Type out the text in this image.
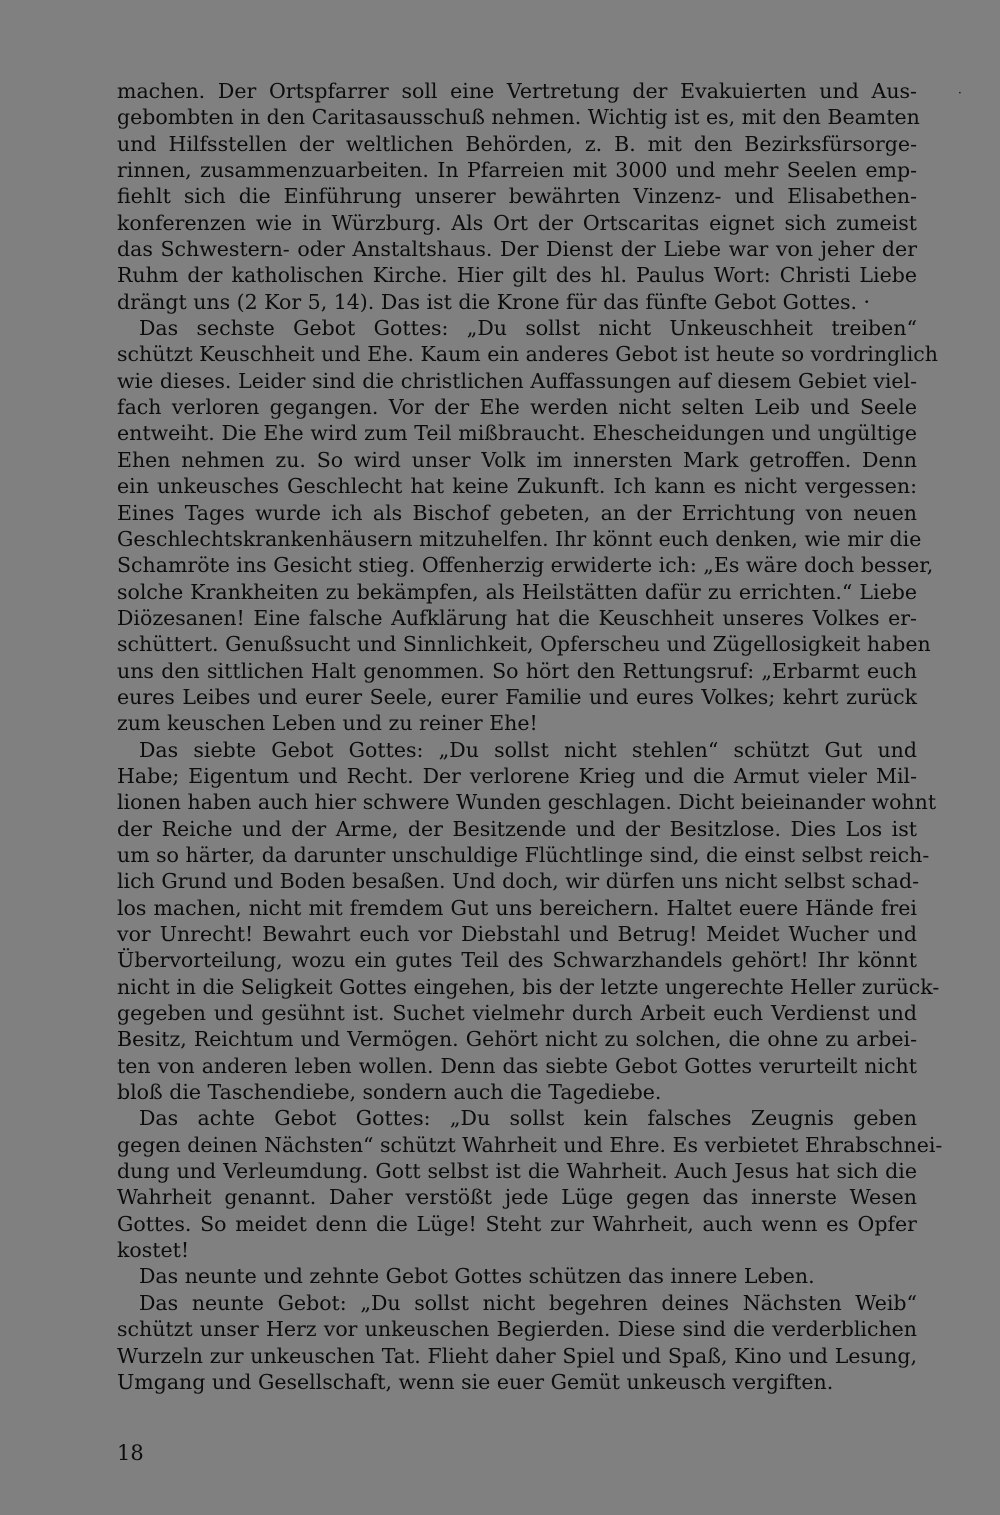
machen. Der Ortspfarrer soll eine Vertretung der Evakuierten und Aus-
gebombten in den Caritasausschuß nehmen. Wichtig ist es, mit den Beamten
und Hilfsstellen der weltlichen Behörden, z. B. mit den Bezirksfürsorge-
rinnen, zusammenzuarbeiten. In Pfarreien mit 3000 und mehr Seelen emp-
fiehlt sich die Einführung unserer bewährten Vinzenz- und Elisabethen-
konferenzen wie in Würzburg. Als Ort der Ortscaritas eignet sich zumeist
das Schwestern- oder Anstaltshaus. Der Dienst der Liebe war von jeher der
Ruhm der katholischen Kirche. Hier gilt des hl. Paulus Wort: Christi Liebe
drängt uns (2 Kor 5, 14). Das ist die Krone für das fünfte Gebot Gottes. ·
Das sechste Gebot Gottes: „Du sollst nicht Unkeuschheit treiben“
schützt Keuschheit und Ehe. Kaum ein anderes Gebot ist heute so vordringlich
wie dieses. Leider sind die christlichen Auffassungen auf diesem Gebiet viel-
fach verloren gegangen. Vor der Ehe werden nicht selten Leib und Seele
entweiht. Die Ehe wird zum Teil mißbraucht. Ehescheidungen und ungültige
Ehen nehmen zu. So wird unser Volk im innersten Mark getroffen. Denn
ein unkeusches Geschlecht hat keine Zukunft. Ich kann es nicht vergessen:
Eines Tages wurde ich als Bischof gebeten, an der Errichtung von neuen
Geschlechtskrankenhäusern mitzuhelfen. Ihr könnt euch denken, wie mir die
Schamröte ins Gesicht stieg. Offenherzig erwiderte ich: „Es wäre doch besser,
solche Krankheiten zu bekämpfen, als Heilstätten dafür zu errichten.“ Liebe
Diözesanen! Eine falsche Aufklärung hat die Keuschheit unseres Volkes er-
schüttert. Genußsucht und Sinnlichkeit, Opferscheu und Zügellosigkeit haben
uns den sittlichen Halt genommen. So hört den Rettungsruf: „Erbarmt euch
eures Leibes und eurer Seele, eurer Familie und eures Volkes; kehrt zurück
zum keuschen Leben und zu reiner Ehe!
Das siebte Gebot Gottes: „Du sollst nicht stehlen“ schützt Gut und
Habe; Eigentum und Recht. Der verlorene Krieg und die Armut vieler Mil-
lionen haben auch hier schwere Wunden geschlagen. Dicht beieinander wohnt
der Reiche und der Arme, der Besitzende und der Besitzlose. Dies Los ist
um so härter, da darunter unschuldige Flüchtlinge sind, die einst selbst reich-
lich Grund und Boden besaßen. Und doch, wir dürfen uns nicht selbst schad-
los machen, nicht mit fremdem Gut uns bereichern. Haltet euere Hände frei
vor Unrecht! Bewahrt euch vor Diebstahl und Betrug! Meidet Wucher und
Übervorteilung, wozu ein gutes Teil des Schwarzhandels gehört! Ihr könnt
nicht in die Seligkeit Gottes eingehen, bis der letzte ungerechte Heller zurück-
gegeben und gesühnt ist. Suchet vielmehr durch Arbeit euch Verdienst und
Besitz, Reichtum und Vermögen. Gehört nicht zu solchen, die ohne zu arbei-
ten von anderen leben wollen. Denn das siebte Gebot Gottes verurteilt nicht
bloß die Taschendiebe, sondern auch die Tagediebe.
Das achte Gebot Gottes: „Du sollst kein falsches Zeugnis geben
gegen deinen Nächsten“ schützt Wahrheit und Ehre. Es verbietet Ehrabschnei-
dung und Verleumdung. Gott selbst ist die Wahrheit. Auch Jesus hat sich die
Wahrheit genannt. Daher verstößt jede Lüge gegen das innerste Wesen
Gottes. So meidet denn die Lüge! Steht zur Wahrheit, auch wenn es Opfer
kostet!
Das neunte und zehnte Gebot Gottes schützen das innere Leben.
Das neunte Gebot: „Du sollst nicht begehren deines Nächsten Weib“
schützt unser Herz vor unkeuschen Begierden. Diese sind die verderblichen
Wurzeln zur unkeuschen Tat. Flieht daher Spiel und Spaß, Kino und Lesung,
Umgang und Gesellschaft, wenn sie euer Gemüt unkeusch vergiften.
·
18
